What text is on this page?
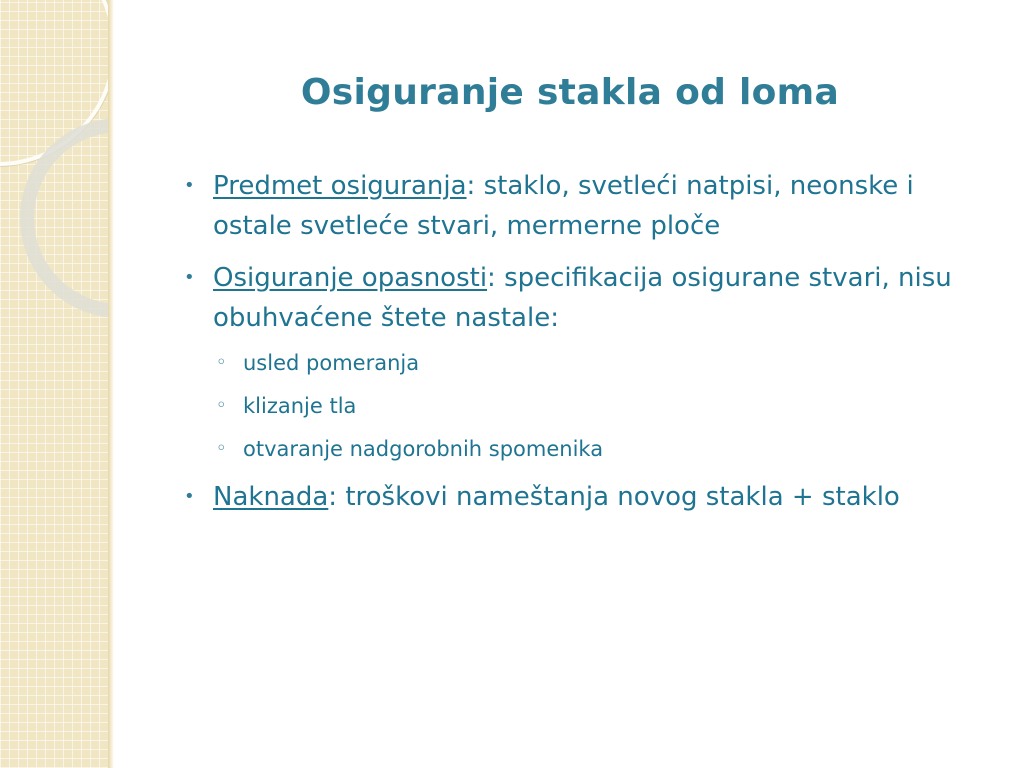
Osiguranje stakla od loma
• Predmet osiguranja: staklo, svetleći natpisi, neonske i ostale svetleće stvari, mermerne ploče
• Osiguranje opasnosti: specifikacija osigurane stvari, nisu obuhvaćene štete nastale:
◦ usled pomeranja
◦ klizanje tla
◦ otvaranje nadgorobnih spomenika
• Naknada: troškovi nameštanja novog stakla + staklo
